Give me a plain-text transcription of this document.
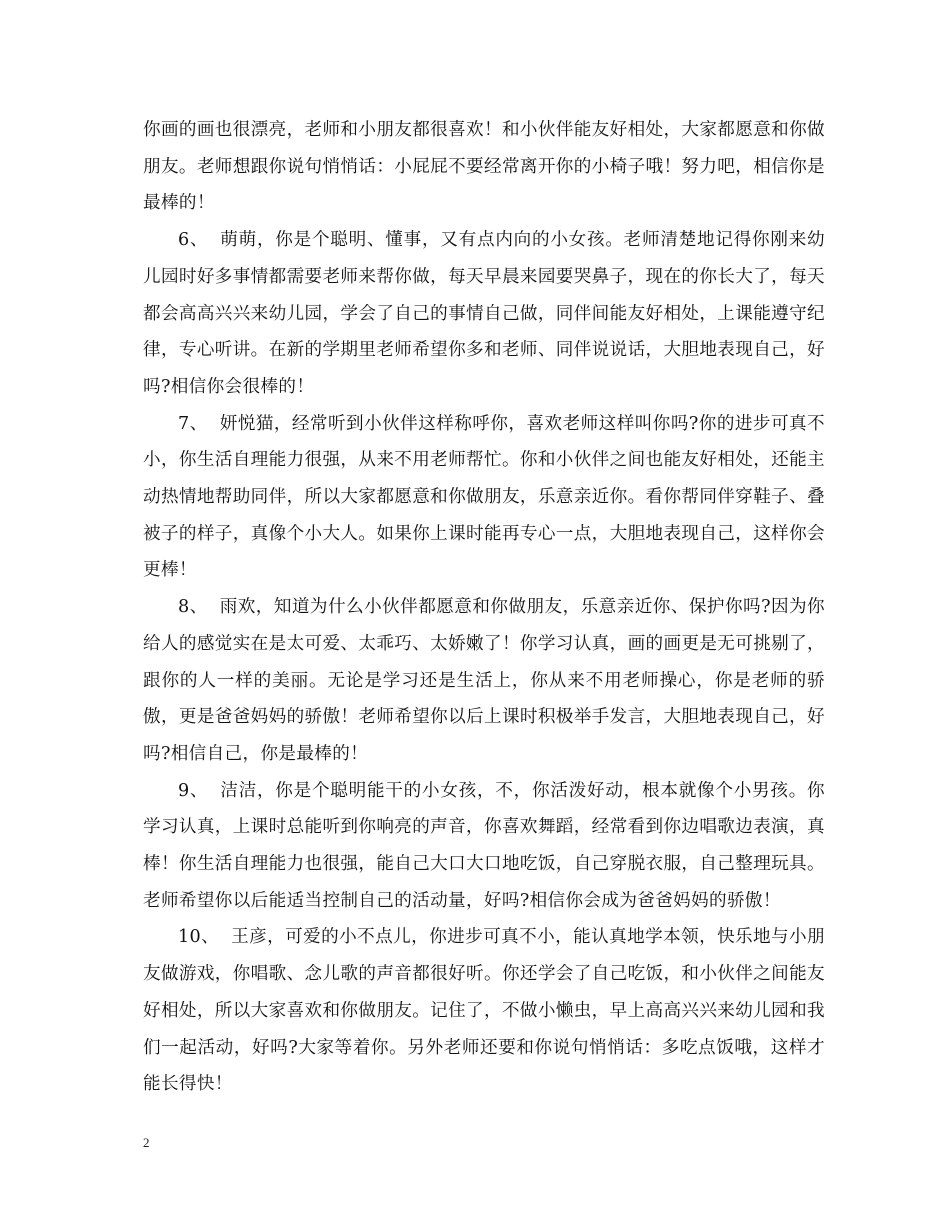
你画的画也很漂亮，老师和小朋友都很喜欢！和小伙伴能友好相处，大家都愿意和你做朋友。老师想跟你说句悄悄话：小屁屁不要经常离开你的小椅子哦！努力吧，相信你是最棒的！

6、 萌萌，你是个聪明、懂事，又有点内向的小女孩。老师清楚地记得你刚来幼儿园时好多事情都需要老师来帮你做，每天早晨来园要哭鼻子，现在的你长大了，每天都会高高兴兴来幼儿园，学会了自己的事情自己做，同伴间能友好相处，上课能遵守纪律，专心听讲。在新的学期里老师希望你多和老师、同伴说说话，大胆地表现自己，好吗?相信你会很棒的！

7、 妍悦猫，经常听到小伙伴这样称呼你，喜欢老师这样叫你吗?你的进步可真不小，你生活自理能力很强，从来不用老师帮忙。你和小伙伴之间也能友好相处，还能主动热情地帮助同伴，所以大家都愿意和你做朋友，乐意亲近你。看你帮同伴穿鞋子、叠被子的样子，真像个小大人。如果你上课时能再专心一点，大胆地表现自己，这样你会更棒！

8、 雨欢，知道为什么小伙伴都愿意和你做朋友，乐意亲近你、保护你吗?因为你给人的感觉实在是太可爱、太乖巧、太娇嫩了！你学习认真，画的画更是无可挑剔了，跟你的人一样的美丽。无论是学习还是生活上，你从来不用老师操心，你是老师的骄傲，更是爸爸妈妈的骄傲！老师希望你以后上课时积极举手发言，大胆地表现自己，好吗?相信自己，你是最棒的！

9、 洁洁，你是个聪明能干的小女孩，不，你活泼好动，根本就像个小男孩。你学习认真，上课时总能听到你响亮的声音，你喜欢舞蹈，经常看到你边唱歌边表演，真棒！你生活自理能力也很强，能自己大口大口地吃饭，自己穿脱衣服，自己整理玩具。老师希望你以后能适当控制自己的活动量，好吗?相信你会成为爸爸妈妈的骄傲！

10、 王彦，可爱的小不点儿，你进步可真不小，能认真地学本领，快乐地与小朋友做游戏，你唱歌、念儿歌的声音都很好听。你还学会了自己吃饭，和小伙伴之间能友好相处，所以大家喜欢和你做朋友。记住了，不做小懒虫，早上高高兴兴来幼儿园和我们一起活动，好吗?大家等着你。另外老师还要和你说句悄悄话：多吃点饭哦，这样才能长得快！

2
